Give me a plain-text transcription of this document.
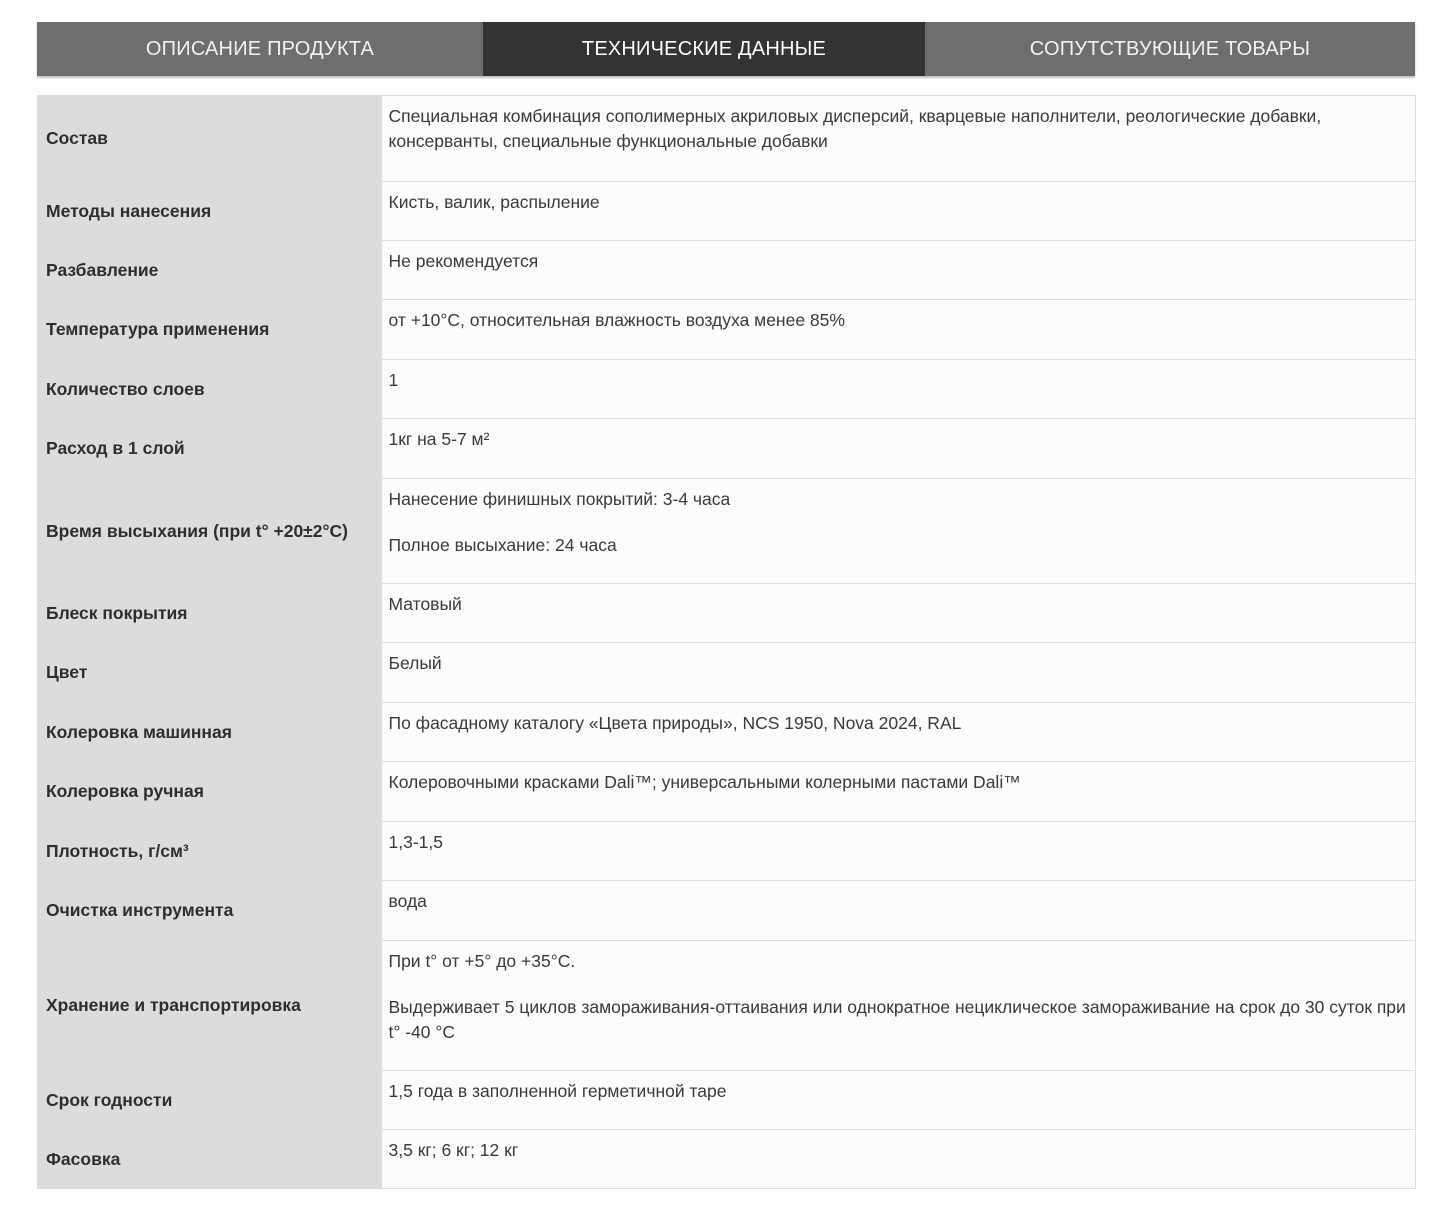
ОПИСАНИЕ ПРОДУКТА	ТЕХНИЧЕСКИЕ ДАННЫЕ	СОПУТСТВУЮЩИЕ ТОВАРЫ
Состав	Специальная комбинация сополимерных акриловых дисперсий, кварцевые наполнители, реологические добавки, консерванты, специальные функциональные добавки

Методы нанесения	Кисть, валик, распыление

Разбавление	Не рекомендуется

Температура применения	от +10°С, относительная влажность воздуха менее 85%

Количество слоев	1

Расход в 1 слой	1кг на 5-7 м²

Время высыхания (при t° +20±2°С)	Нанесение финишных покрытий: 3-4 часа

Полное высыхание: 24 часа

Блеск покрытия	Матовый

Цвет	Белый

Колеровка машинная	По фасадному каталогу «Цвета природы», NCS 1950, Nova 2024, RAL

Колеровка ручная	Колеровочными красками Dali™; универсальными колерными пастами Dali™

Плотность, г/см³	1,3-1,5

Очистка инструмента	вода

Хранение и транспортировка	При t° от +5° до +35°С.

Выдерживает 5 циклов замораживания-оттаивания или однократное нециклическое замораживание на срок до 30 суток при t° -40 °С

Срок годности	1,5 года в заполненной герметичной таре

Фасовка	3,5 кг; 6 кг; 12 кг
